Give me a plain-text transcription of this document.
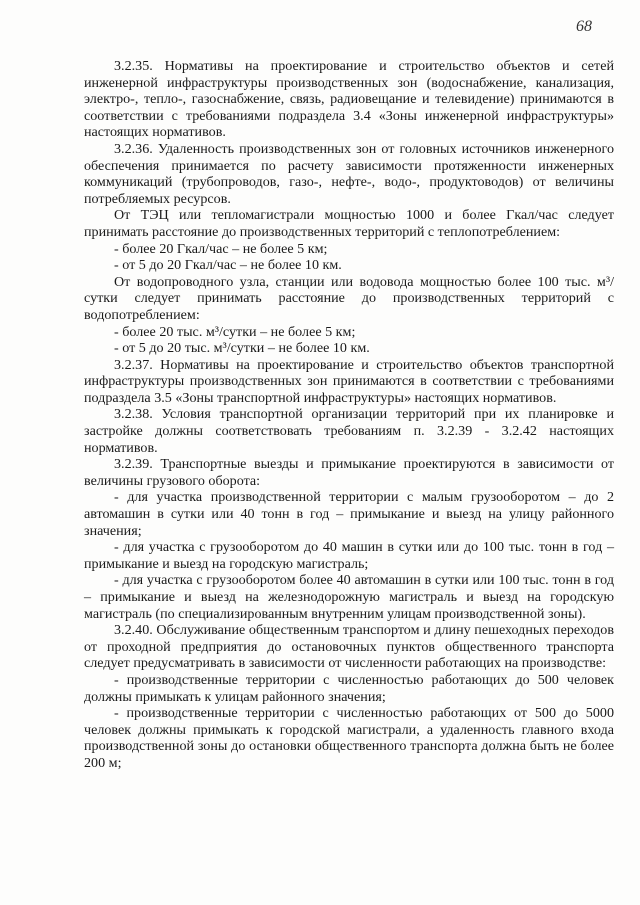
68

3.2.35. Нормативы на проектирование и строительство объектов и сетей инженерной инфраструктуры производственных зон (водоснабжение, канализация, электро-, тепло-, газоснабжение, связь, радиовещание и телевидение) принимаются в соответствии с требованиями подраздела 3.4 «Зоны инженерной инфраструктуры» настоящих нормативов.

3.2.36. Удаленность производственных зон от головных источников инженерного обеспечения принимается по расчету зависимости протяженности инженерных коммуникаций (трубопроводов, газо-, нефте-, водо-, продуктоводов) от величины потребляемых ресурсов.

От ТЭЦ или тепломагистрали мощностью 1000 и более Гкал/час следует принимать расстояние до производственных территорий с теплопотреблением:

- более 20 Гкал/час – не более 5 км;

- от 5 до 20 Гкал/час – не более 10 км.

От водопроводного узла, станции или водовода мощностью более 100 тыс. м³/сутки следует принимать расстояние до производственных территорий с водопотреблением:

- более 20 тыс. м³/сутки – не более 5 км;

- от 5 до 20 тыс. м³/сутки – не более 10 км.

3.2.37. Нормативы на проектирование и строительство объектов транспортной инфраструктуры производственных зон принимаются в соответствии с требованиями подраздела 3.5 «Зоны транспортной инфраструктуры» настоящих нормативов.

3.2.38. Условия транспортной организации территорий при их планировке и застройке должны соответствовать требованиям п. 3.2.39 - 3.2.42 настоящих нормативов.

3.2.39. Транспортные выезды и примыкание проектируются в зависимости от величины грузового оборота:

- для участка производственной территории с малым грузооборотом – до 2 автомашин в сутки или 40 тонн в год – примыкание и выезд на улицу районного значения;

- для участка с грузооборотом до 40 машин в сутки или до 100 тыс. тонн в год – примыкание и выезд на городскую магистраль;

- для участка с грузооборотом более 40 автомашин в сутки или 100 тыс. тонн в год – примыкание и выезд на железнодорожную магистраль и выезд на городскую магистраль (по специализированным внутренним улицам производственной зоны).

3.2.40. Обслуживание общественным транспортом и длину пешеходных переходов от проходной предприятия до остановочных пунктов общественного транспорта следует предусматривать в зависимости от численности работающих на производстве:

- производственные территории с численностью работающих до 500 человек должны примыкать к улицам районного значения;

- производственные территории с численностью работающих от 500 до 5000 человек должны примыкать к городской магистрали, а удаленность главного входа производственной зоны до остановки общественного транспорта должна быть не более 200 м;
